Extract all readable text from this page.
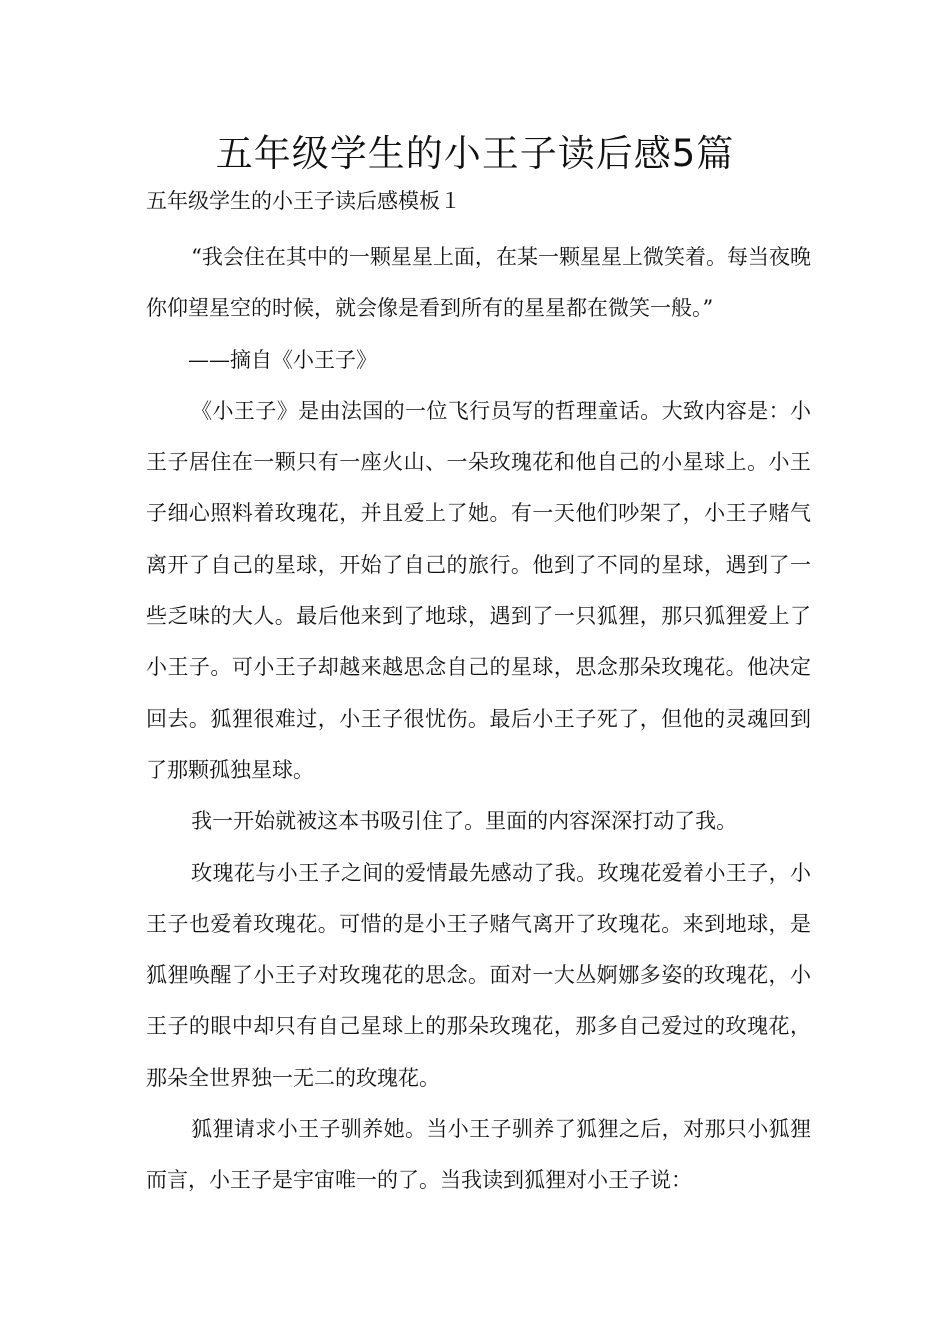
五年级学生的小王子读后感5篇

五年级学生的小王子读后感模板１

“我会住在其中的一颗星星上面，在某一颗星星上微笑着。每当夜晚你仰望星空的时候，就会像是看到所有的星星都在微笑一般。”

——摘自《小王子》

《小王子》是由法国的一位飞行员写的哲理童话。大致内容是：小王子居住在一颗只有一座火山、一朵玫瑰花和他自己的小星球上。小王子细心照料着玫瑰花，并且爱上了她。有一天他们吵架了，小王子赌气离开了自己的星球，开始了自己的旅行。他到了不同的星球，遇到了一些乏味的大人。最后他来到了地球，遇到了一只狐狸，那只狐狸爱上了小王子。可小王子却越来越思念自己的星球，思念那朵玫瑰花。他决定回去。狐狸很难过，小王子很忧伤。最后小王子死了，但他的灵魂回到了那颗孤独星球。

我一开始就被这本书吸引住了。里面的内容深深打动了我。

玫瑰花与小王子之间的爱情最先感动了我。玫瑰花爱着小王子，小王子也爱着玫瑰花。可惜的是小王子赌气离开了玫瑰花。来到地球，是狐狸唤醒了小王子对玫瑰花的思念。面对一大丛婀娜多姿的玫瑰花，小王子的眼中却只有自己星球上的那朵玫瑰花，那多自己爱过的玫瑰花，那朵全世界独一无二的玫瑰花。

狐狸请求小王子驯养她。当小王子驯养了狐狸之后，对那只小狐狸而言，小王子是宇宙唯一的了。当我读到狐狸对小王子说：
